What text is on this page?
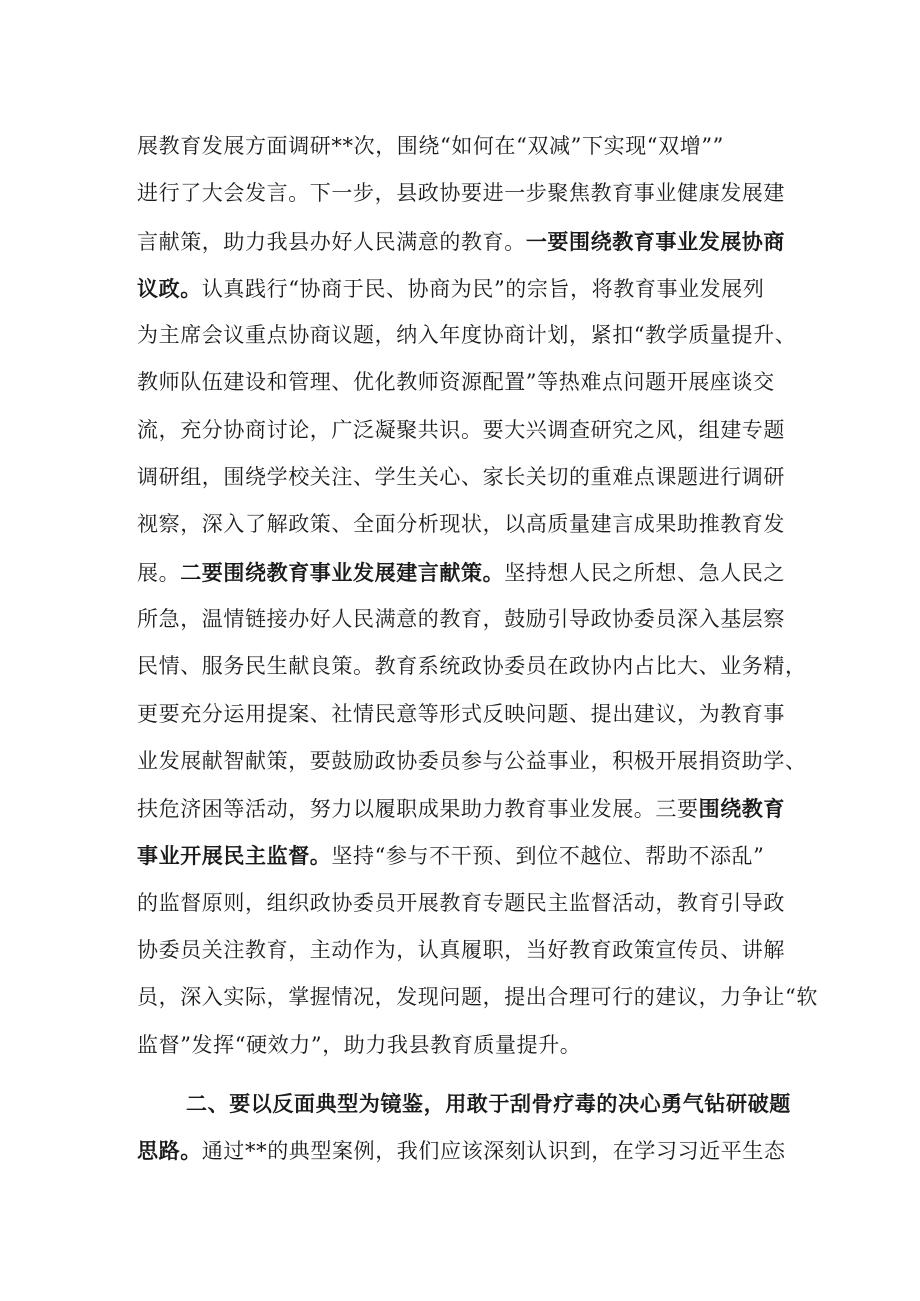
展教育发展方面调研**次，围绕“如何在“双减”下实现“双增””
进行了大会发言。下一步，县政协要进一步聚焦教育事业健康发展建
言献策，助力我县办好人民满意的教育。一要围绕教育事业发展协商
议政。认真践行“协商于民、协商为民”的宗旨，将教育事业发展列
为主席会议重点协商议题，纳入年度协商计划，紧扣“教学质量提升、
教师队伍建设和管理、优化教师资源配置”等热难点问题开展座谈交
流，充分协商讨论，广泛凝聚共识。要大兴调查研究之风，组建专题
调研组，围绕学校关注、学生关心、家长关切的重难点课题进行调研
视察，深入了解政策、全面分析现状，以高质量建言成果助推教育发
展。二要围绕教育事业发展建言献策。坚持想人民之所想、急人民之
所急，温情链接办好人民满意的教育，鼓励引导政协委员深入基层察
民情、服务民生献良策。教育系统政协委员在政协内占比大、业务精，
更要充分运用提案、社情民意等形式反映问题、提出建议，为教育事
业发展献智献策，要鼓励政协委员参与公益事业，积极开展捐资助学、
扶危济困等活动，努力以履职成果助力教育事业发展。三要围绕教育
事业开展民主监督。坚持“参与不干预、到位不越位、帮助不添乱”
的监督原则，组织政协委员开展教育专题民主监督活动，教育引导政
协委员关注教育，主动作为，认真履职，当好教育政策宣传员、讲解
员，深入实际，掌握情况，发现问题，提出合理可行的建议，力争让“软
监督”发挥“硬效力”，助力我县教育质量提升。
二、要以反面典型为镜鉴，用敢于刮骨疗毒的决心勇气钻研破题
思路。通过**的典型案例，我们应该深刻认识到，在学习习近平生态
